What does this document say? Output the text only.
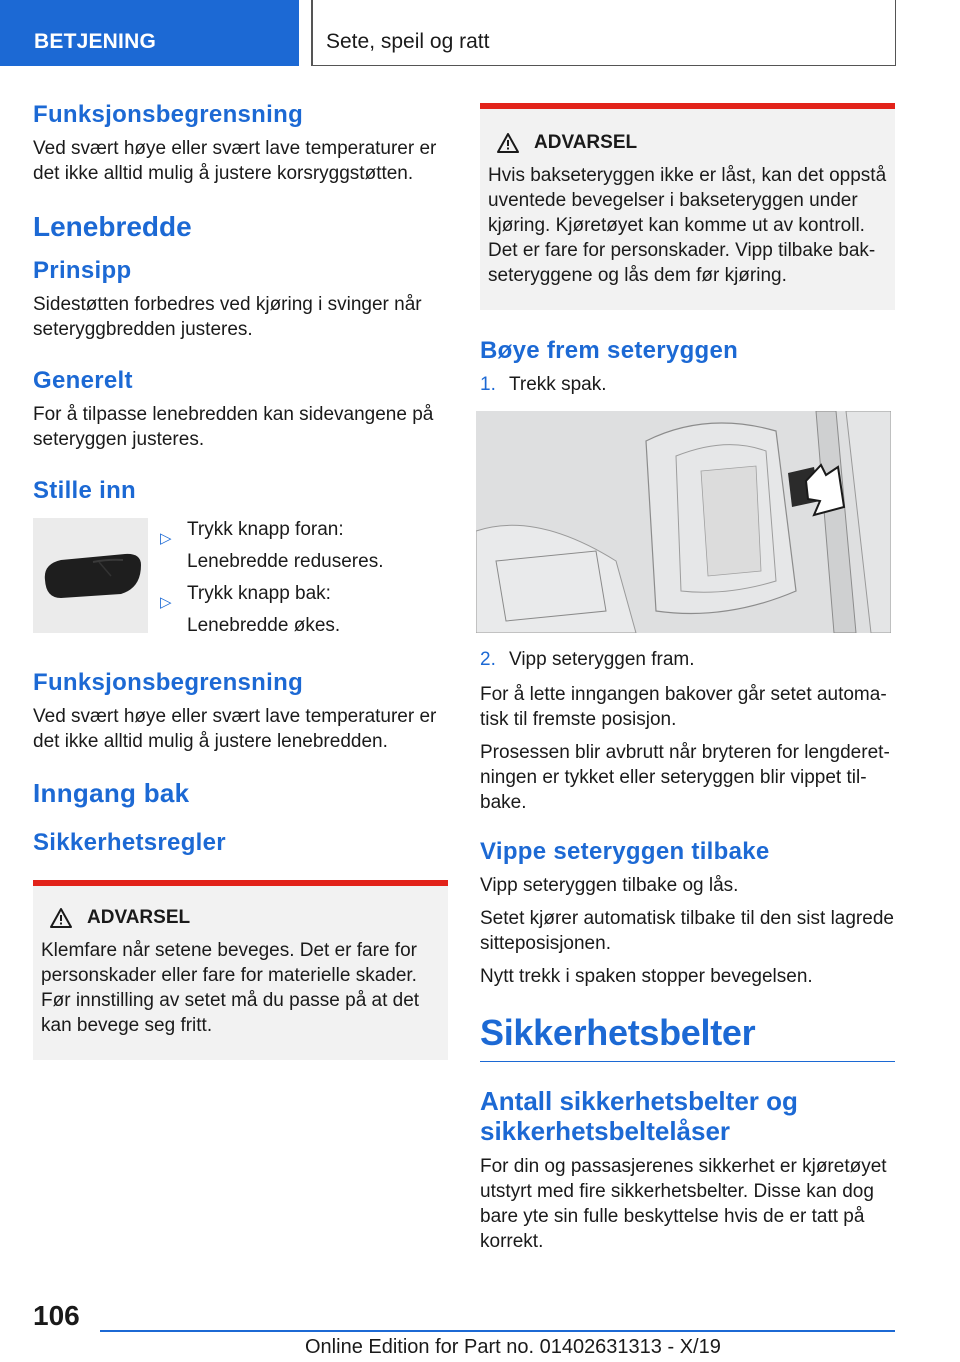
BETJENING	Sete, speil og ratt
Funksjonsbegrensning

Ved svært høye eller svært lave temperaturer er det ikke alltid mulig å justere korsryggstøtten.

Lenebredde
Prinsipp

Sidestøtten forbedres ved kjøring i svinger når seteryggbredden justeres.

Generelt

For å tilpasse lenebredden kan sidevangene på seteryggen justeres.

Stille inn
▷ Trykk knapp foran:
Lenebredde reduseres.
▷ Trykk knapp bak:
Lenebredde økes.
Funksjonsbegrensning

Ved svært høye eller svært lave temperaturer er det ikke alltid mulig å justere lenebredden.

Inngang bak
Sikkerhetsregler
ADVARSEL
Klemfare når setene beveges. Det er fare for personskader eller fare for materielle skader. Før innstilling av setet må du passe på at det kan bevege seg fritt.
ADVARSEL
Hvis bakseteryggen ikke er låst, kan det oppstå uventede bevegelser i bakseteryggen under kjøring. Kjøretøyet kan komme ut av kontroll. Det er fare for personskader. Vipp tilbake bakseteryggene og lås dem før kjøring.
Bøye frem seteryggen
1. Trekk spak.
2. Vipp seteryggen fram.

For å lette inngangen bakover går setet automatisk til fremste posisjon.

Prosessen blir avbrutt når bryteren for lengderetningen er tykket eller seteryggen blir vippet tilbake.

Vippe seteryggen tilbake

Vipp seteryggen tilbake og lås.

Setet kjører automatisk tilbake til den sist lagrede sitteposisjonen.

Nytt trekk i spaken stopper bevegelsen.

Sikkerhetsbelter
Antall sikkerhetsbelter og sikkerhetsbeltelåser

For din og passasjerenes sikkerhet er kjøretøyet utstyrt med fire sikkerhetsbelter. Disse kan dog bare yte sin fulle beskyttelse hvis de er tatt på korrekt.

106
Online Edition for Part no. 01402631313 - X/19
